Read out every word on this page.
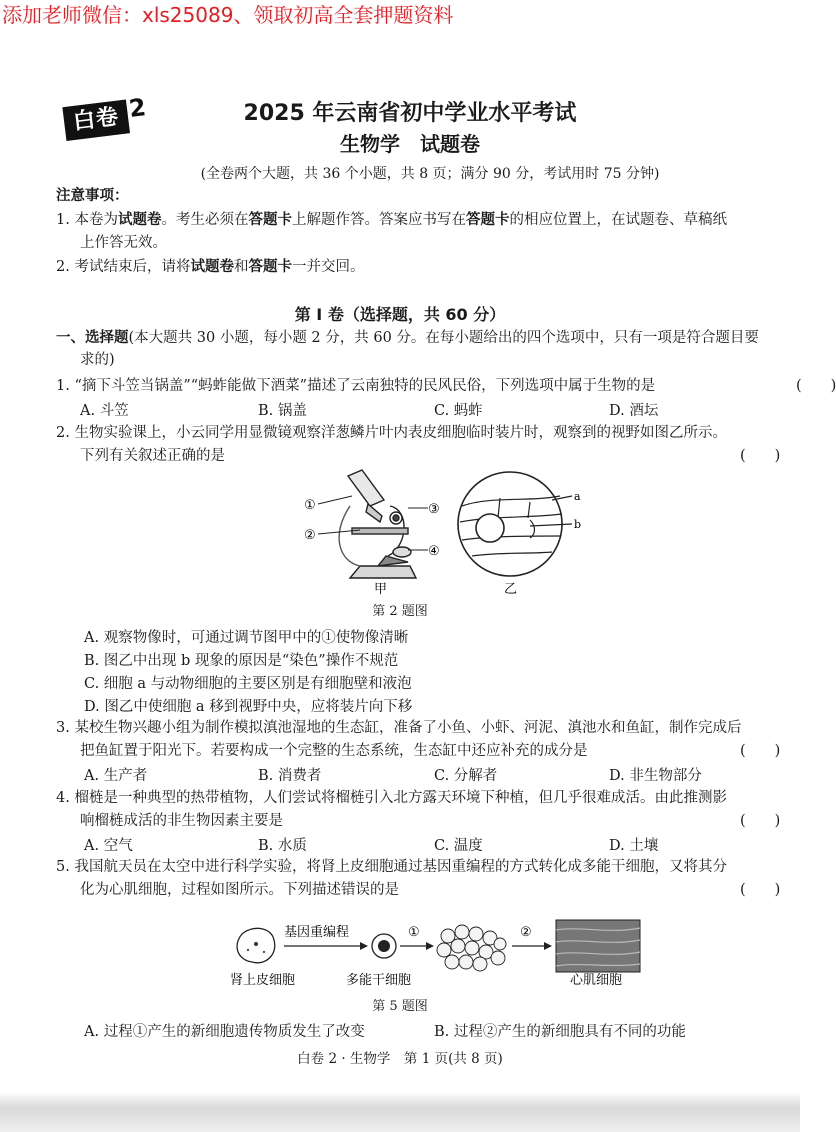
添加老师微信：xls25089、领取初高全套押题资料
白卷 2	2025 年云南省初中学业水平考试
生物学　试题卷
(全卷两个大题，共 36 个小题，共 8 页；满分 90 分，考试用时 75 分钟)
注意事项：
1. 本卷为试题卷。考生必须在答题卡上解题作答。答案应书写在答题卡的相应位置上，在试题卷、草稿纸
上作答无效。
2. 考试结束后，请将试题卷和答题卡一并交回。
第 Ⅰ 卷（选择题，共 60 分）
一、选择题(本大题共 30 小题，每小题 2 分，共 60 分。在每小题给出的四个选项中，只有一项是符合题目要
求的)
1. “摘下斗笠当锅盖”“蚂蚱能做下酒菜”描述了云南独特的民风民俗，下列选项中属于生物的是	(　　)
A. 斗笠	B. 锅盖	C. 蚂蚱	D. 酒坛
2. 生物实验课上，小云同学用显微镜观察洋葱鳞片叶内表皮细胞临时装片时，观察到的视野如图乙所示。
下列有关叙述正确的是	(　　)
①
②
③
④
甲
a
b
乙
第 2 题图
A. 观察物像时，可通过调节图甲中的①使物像清晰
B. 图乙中出现 b 现象的原因是“染色”操作不规范
C. 细胞 a 与动物细胞的主要区别是有细胞壁和液泡
D. 图乙中使细胞 a 移到视野中央，应将装片向下移
3. 某校生物兴趣小组为制作模拟滇池湿地的生态缸，准备了小鱼、小虾、河泥、滇池水和鱼缸，制作完成后
把鱼缸置于阳光下。若要构成一个完整的生态系统，生态缸中还应补充的成分是	(　　)
A. 生产者	B. 消费者	C. 分解者	D. 非生物部分
4. 榴梿是一种典型的热带植物，人们尝试将榴梿引入北方露天环境下种植，但几乎很难成活。由此推测影
响榴梿成活的非生物因素主要是	(　　)
A. 空气	B. 水质	C. 温度	D. 土壤
5. 我国航天员在太空中进行科学实验，将肾上皮细胞通过基因重编程的方式转化成多能干细胞，又将其分
化为心肌细胞，过程如图所示。下列描述错误的是	(　　)
基因重编程	①	②
肾上皮细胞	多能干细胞	心肌细胞
第 5 题图
A. 过程①产生的新细胞遗传物质发生了改变	B. 过程②产生的新细胞具有不同的功能
白卷 2 · 生物学　第 1 页(共 8 页)
